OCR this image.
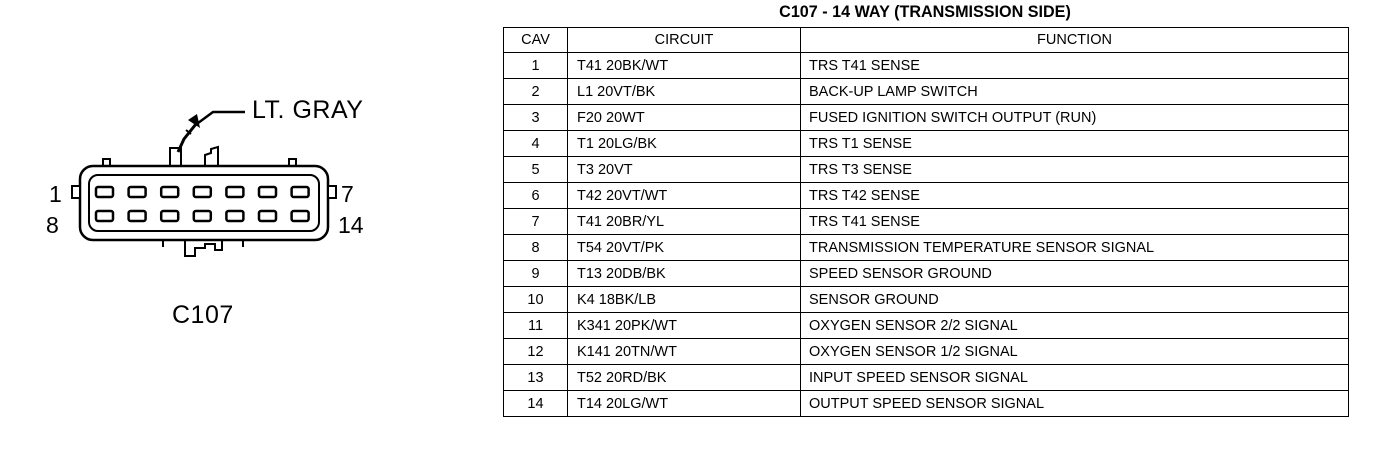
LT. GRAY
1	7
8	14
C107
C107 - 14 WAY (TRANSMISSION SIDE)
CAV	CIRCUIT	FUNCTION
1	T41 20BK/WT	TRS T41 SENSE
2	L1 20VT/BK	BACK-UP LAMP SWITCH
3	F20 20WT	FUSED IGNITION SWITCH OUTPUT (RUN)
4	T1 20LG/BK	TRS T1 SENSE
5	T3 20VT	TRS T3 SENSE
6	T42 20VT/WT	TRS T42 SENSE
7	T41 20BR/YL	TRS T41 SENSE
8	T54 20VT/PK	TRANSMISSION TEMPERATURE SENSOR SIGNAL
9	T13 20DB/BK	SPEED SENSOR GROUND
10	K4 18BK/LB	SENSOR GROUND
11	K341 20PK/WT	OXYGEN SENSOR 2/2 SIGNAL
12	K141 20TN/WT	OXYGEN SENSOR 1/2 SIGNAL
13	T52 20RD/BK	INPUT SPEED SENSOR SIGNAL
14	T14 20LG/WT	OUTPUT SPEED SENSOR SIGNAL
